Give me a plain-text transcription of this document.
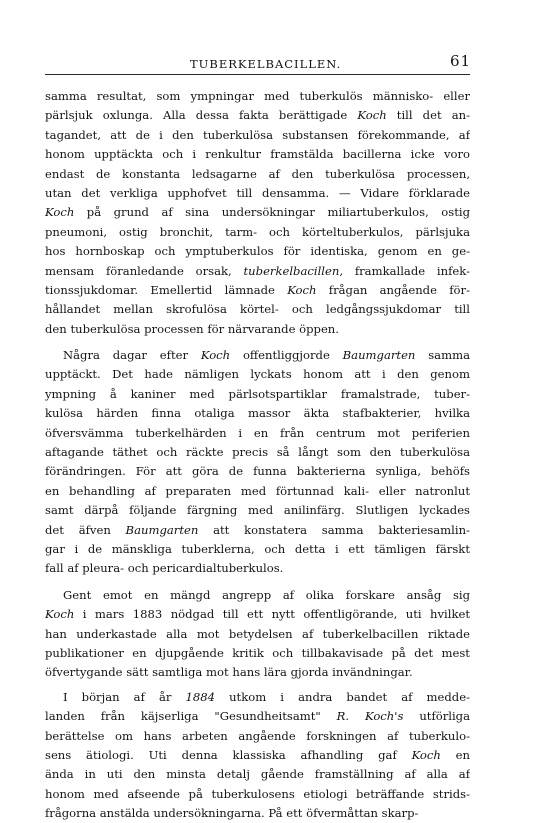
TUBERKELBACILLEN.	61
samma resultat, som ympningar med tuberkulös människo- eller
pärlsjuk oxlunga. Alla dessa fakta berättigade Koch till det an-
tagandet, att de i den tuberkulösa substansen förekommande, af
honom upptäckta och i renkultur framstälda bacillerna icke voro
endast de konstanta ledsagarne af den tuberkulösa processen,
utan det verkliga upphofvet till densamma. — Vidare förklarade
Koch på grund af sina undersökningar miliartuberkulos, ostig
pneumoni, ostig bronchit, tarm- och körteltuberkulos, pärlsjuka
hos hornboskap och ymptuberkulos för identiska, genom en ge-
mensam föranledande orsak, tuberkelbacillen, framkallade infek-
tionssjukdomar. Emellertid lämnade Koch frågan angående för-
hållandet mellan skrofulösa körtel- och ledgångssjukdomar till
den tuberkulösa processen för närvarande öppen.
Några dagar efter Koch offentliggjorde Baumgarten samma
upptäckt. Det hade nämligen lyckats honom att i den genom
ympning å kaniner med pärlsotspartiklar framalstrade, tuber-
kulösa härden finna otaliga massor äkta stafbakterier, hvilka
öfversvämma tuberkelhärden i en från centrum mot periferien
aftagande täthet och räckte precis så långt som den tuberkulösa
förändringen. För att göra de funna bakterierna synliga, behöfs
en behandling af preparaten med förtunnad kali- eller natronlut
samt därpå följande färgning med anilinfärg. Slutligen lyckades
det äfven Baumgarten att konstatera samma bakteriesamlin-
gar i de mänskliga tuberklerna, och detta i ett tämligen färskt
fall af pleura- och pericardialtuberkulos.
Gent emot en mängd angrepp af olika forskare ansåg sig
Koch i mars 1883 nödgad till ett nytt offentligörande, uti hvilket
han underkastade alla mot betydelsen af tuberkelbacillen riktade
publikationer en djupgående kritik och tillbakavisade på det mest
öfvertygande sätt samtliga mot hans lära gjorda invändningar.
I början af år 1884 utkom i andra bandet af medde-
landen från käjserliga "Gesundheitsamt" R. Koch's utförliga
berättelse om hans arbeten angående forskningen af tuberkulo-
sens ätiologi. Uti denna klassiska afhandling gaf Koch en
ända in uti den minsta detalj gående framställning af alla af
honom med afseende på tuberkulosens etiologi beträffande strids-
frågorna anstälda undersökningarna. På ett öfvermåttan skarp-
